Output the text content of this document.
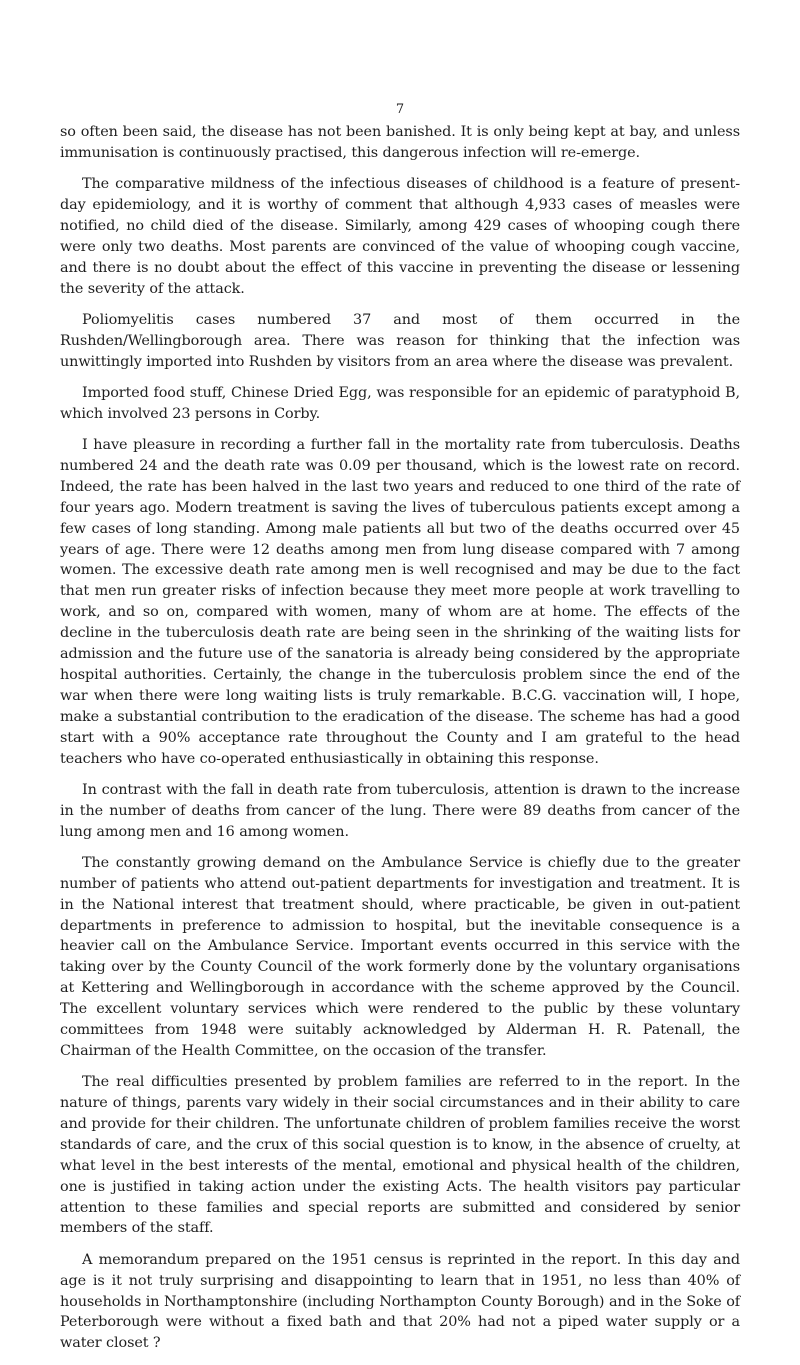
7

so often been said, the disease has not been banished. It is only being kept at bay, and unless immunisation is continuously practised, this dangerous infection will re-emerge.

The comparative mildness of the infectious diseases of childhood is a feature of present-day epidemiology, and it is worthy of comment that although 4,933 cases of measles were notified, no child died of the disease. Similarly, among 429 cases of whooping cough there were only two deaths. Most parents are convinced of the value of whooping cough vaccine, and there is no doubt about the effect of this vaccine in preventing the disease or lessening the severity of the attack.

Poliomyelitis cases numbered 37 and most of them occurred in the Rushden/Wellingborough area. There was reason for thinking that the infection was unwittingly imported into Rushden by visitors from an area where the disease was prevalent.

Imported food stuff, Chinese Dried Egg, was responsible for an epidemic of paratyphoid B, which involved 23 persons in Corby.

I have pleasure in recording a further fall in the mortality rate from tuberculosis. Deaths numbered 24 and the death rate was 0.09 per thousand, which is the lowest rate on record. Indeed, the rate has been halved in the last two years and reduced to one third of the rate of four years ago. Modern treatment is saving the lives of tuberculous patients except among a few cases of long standing. Among male patients all but two of the deaths occurred over 45 years of age. There were 12 deaths among men from lung disease compared with 7 among women. The excessive death rate among men is well recognised and may be due to the fact that men run greater risks of infection because they meet more people at work travelling to work, and so on, compared with women, many of whom are at home. The effects of the decline in the tuberculosis death rate are being seen in the shrinking of the waiting lists for admission and the future use of the sanatoria is already being considered by the appropriate hospital authorities. Certainly, the change in the tuberculosis problem since the end of the war when there were long waiting lists is truly remarkable. B.C.G. vaccination will, I hope, make a substantial contribution to the eradication of the disease. The scheme has had a good start with a 90% acceptance rate throughout the County and I am grateful to the head teachers who have co-operated enthusiastically in obtaining this response.

In contrast with the fall in death rate from tuberculosis, attention is drawn to the increase in the number of deaths from cancer of the lung. There were 89 deaths from cancer of the lung among men and 16 among women.

The constantly growing demand on the Ambulance Service is chiefly due to the greater number of patients who attend out-patient departments for investigation and treatment. It is in the National interest that treatment should, where practicable, be given in out-patient departments in preference to admission to hospital, but the inevitable consequence is a heavier call on the Ambulance Service. Important events occurred in this service with the taking over by the County Council of the work formerly done by the voluntary organisations at Kettering and Wellingborough in accordance with the scheme approved by the Council. The excellent voluntary services which were rendered to the public by these voluntary committees from 1948 were suitably acknowledged by Alderman H. R. Patenall, the Chairman of the Health Committee, on the occasion of the transfer.

The real difficulties presented by problem families are referred to in the report. In the nature of things, parents vary widely in their social circumstances and in their ability to care and provide for their children. The unfortunate children of problem families receive the worst standards of care, and the crux of this social question is to know, in the absence of cruelty, at what level in the best interests of the mental, emotional and physical health of the children, one is justified in taking action under the existing Acts. The health visitors pay particular attention to these families and special reports are submitted and considered by senior members of the staff.

A memorandum prepared on the 1951 census is reprinted in the report. In this day and age is it not truly surprising and disappointing to learn that in 1951, no less than 40% of households in Northamptonshire (including Northampton County Borough) and in the Soke of Peterborough were without a fixed bath and that 20% had not a piped water supply or a water closet ?
